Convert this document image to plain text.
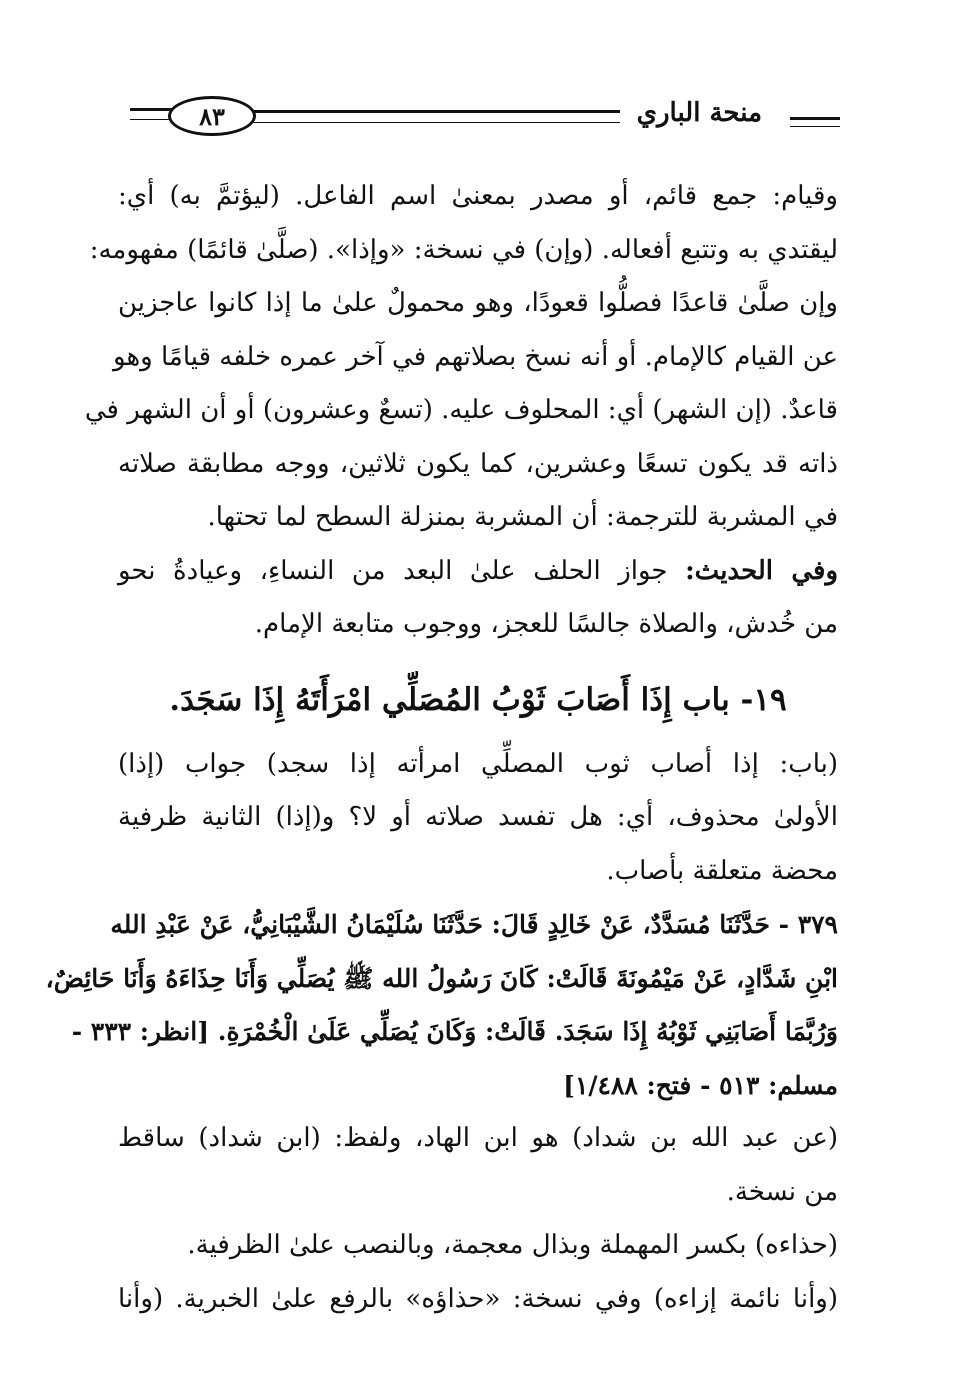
٨٣	منحة الباري
وقيام: جمع قائم، أو مصدر بمعنىٰ اسم الفاعل. (ليؤتمَّ به) أي:
ليقتدي به وتتبع أفعاله. (وإن) في نسخة: «وإذا». (صلَّىٰ قائمًا) مفهومه:
وإن صلَّىٰ قاعدًا فصلُّوا قعودًا، وهو محمولٌ علىٰ ما إذا كانوا عاجزين
عن القيام كالإمام. أو أنه نسخ بصلاتهم في آخر عمره خلفه قيامًا وهو
قاعدٌ. (إن الشهر) أي: المحلوف عليه. (تسعٌ وعشرون) أو أن الشهر في
ذاته قد يكون تسعًا وعشرين، كما يكون ثلاثين، ووجه مطابقة صلاته
في المشربة للترجمة: أن المشربة بمنزلة السطح لما تحتها.
وفي الحديث: جواز الحلف علىٰ البعد من النساءِ، وعيادةُ نحو
من خُدش، والصلاة جالسًا للعجز، ووجوب متابعة الإمام.
١٩- باب إِذَا أَصَابَ ثَوْبُ المُصَلِّي امْرَأَتَهُ إِذَا سَجَدَ.
(باب: إذا أصاب ثوب المصلِّي امرأته إذا سجد) جواب (إذا)
الأولىٰ محذوف، أي: هل تفسد صلاته أو لا؟ و(إذا) الثانية ظرفية
محضة متعلقة بأصاب.
٣٧٩ - حَدَّثَنَا مُسَدَّدٌ، عَنْ خَالِدٍ قَالَ: حَدَّثَنَا سُلَيْمَانُ الشَّيْبَانِيُّ، عَنْ عَبْدِ الله
ابْنِ شَدَّادٍ، عَنْ مَيْمُونَةَ قَالَتْ: كَانَ رَسُولُ الله ﷺ يُصَلِّي وَأَنَا حِذَاءَهُ وَأَنَا حَائِضٌ،
وَرُبَّمَا أَصَابَنِي ثَوْبُهُ إِذَا سَجَدَ. قَالَتْ: وَكَانَ يُصَلِّي عَلَىٰ الْخُمْرَةِ. [انظر: ٣٣٣ -
مسلم: ٥١٣ - فتح: ١/٤٨٨]
(عن عبد الله بن شداد) هو ابن الهاد، ولفظ: (ابن شداد) ساقط
من نسخة.
(حذاءه) بكسر المهملة وبذال معجمة، وبالنصب علىٰ الظرفية.
(وأنا نائمة إزاءه) وفي نسخة: «حذاؤه» بالرفع علىٰ الخبرية. (وأنا
